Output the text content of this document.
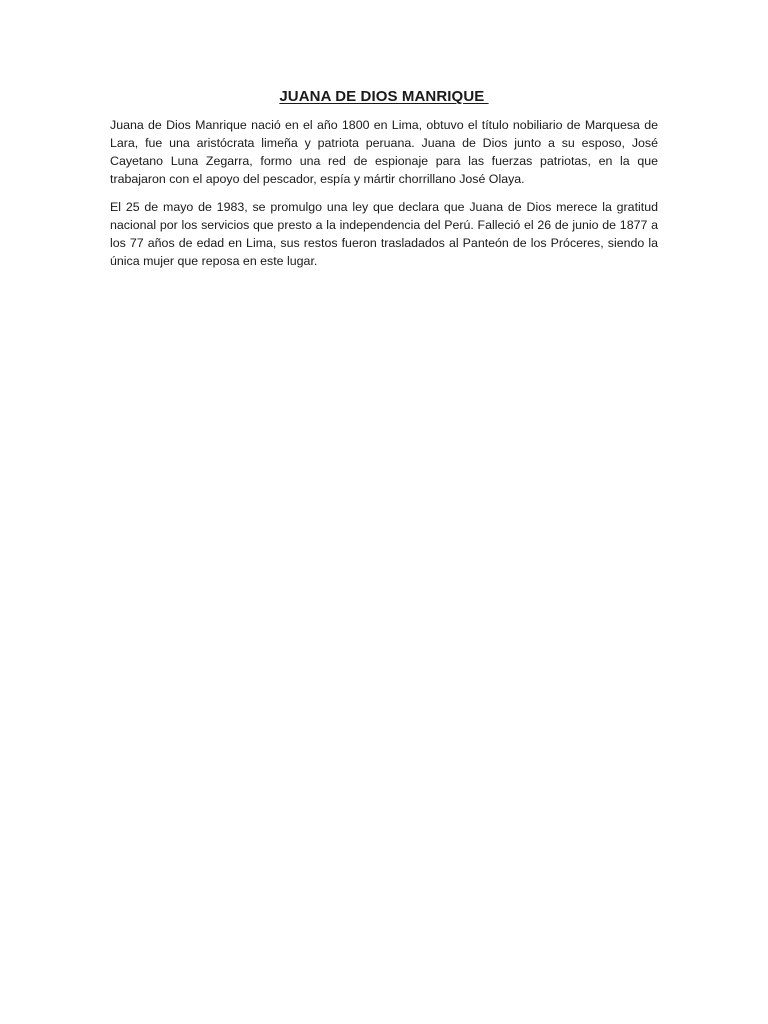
JUANA DE DIOS MANRIQUE

Juana de Dios Manrique nació en el año 1800 en Lima, obtuvo el título nobiliario de Marquesa de Lara, fue una aristócrata limeña y patriota peruana. Juana de Dios junto a su esposo, José Cayetano Luna Zegarra, formo una red de espionaje para las fuerzas patriotas, en la que trabajaron con el apoyo del pescador, espía y mártir chorrillano José Olaya.

El 25 de mayo de 1983, se promulgo una ley que declara que Juana de Dios merece la gratitud nacional por los servicios que presto a la independencia del Perú. Falleció el 26 de junio de 1877 a los 77 años de edad en Lima, sus restos fueron trasladados al Panteón de los Próceres, siendo la única mujer que reposa en este lugar.
